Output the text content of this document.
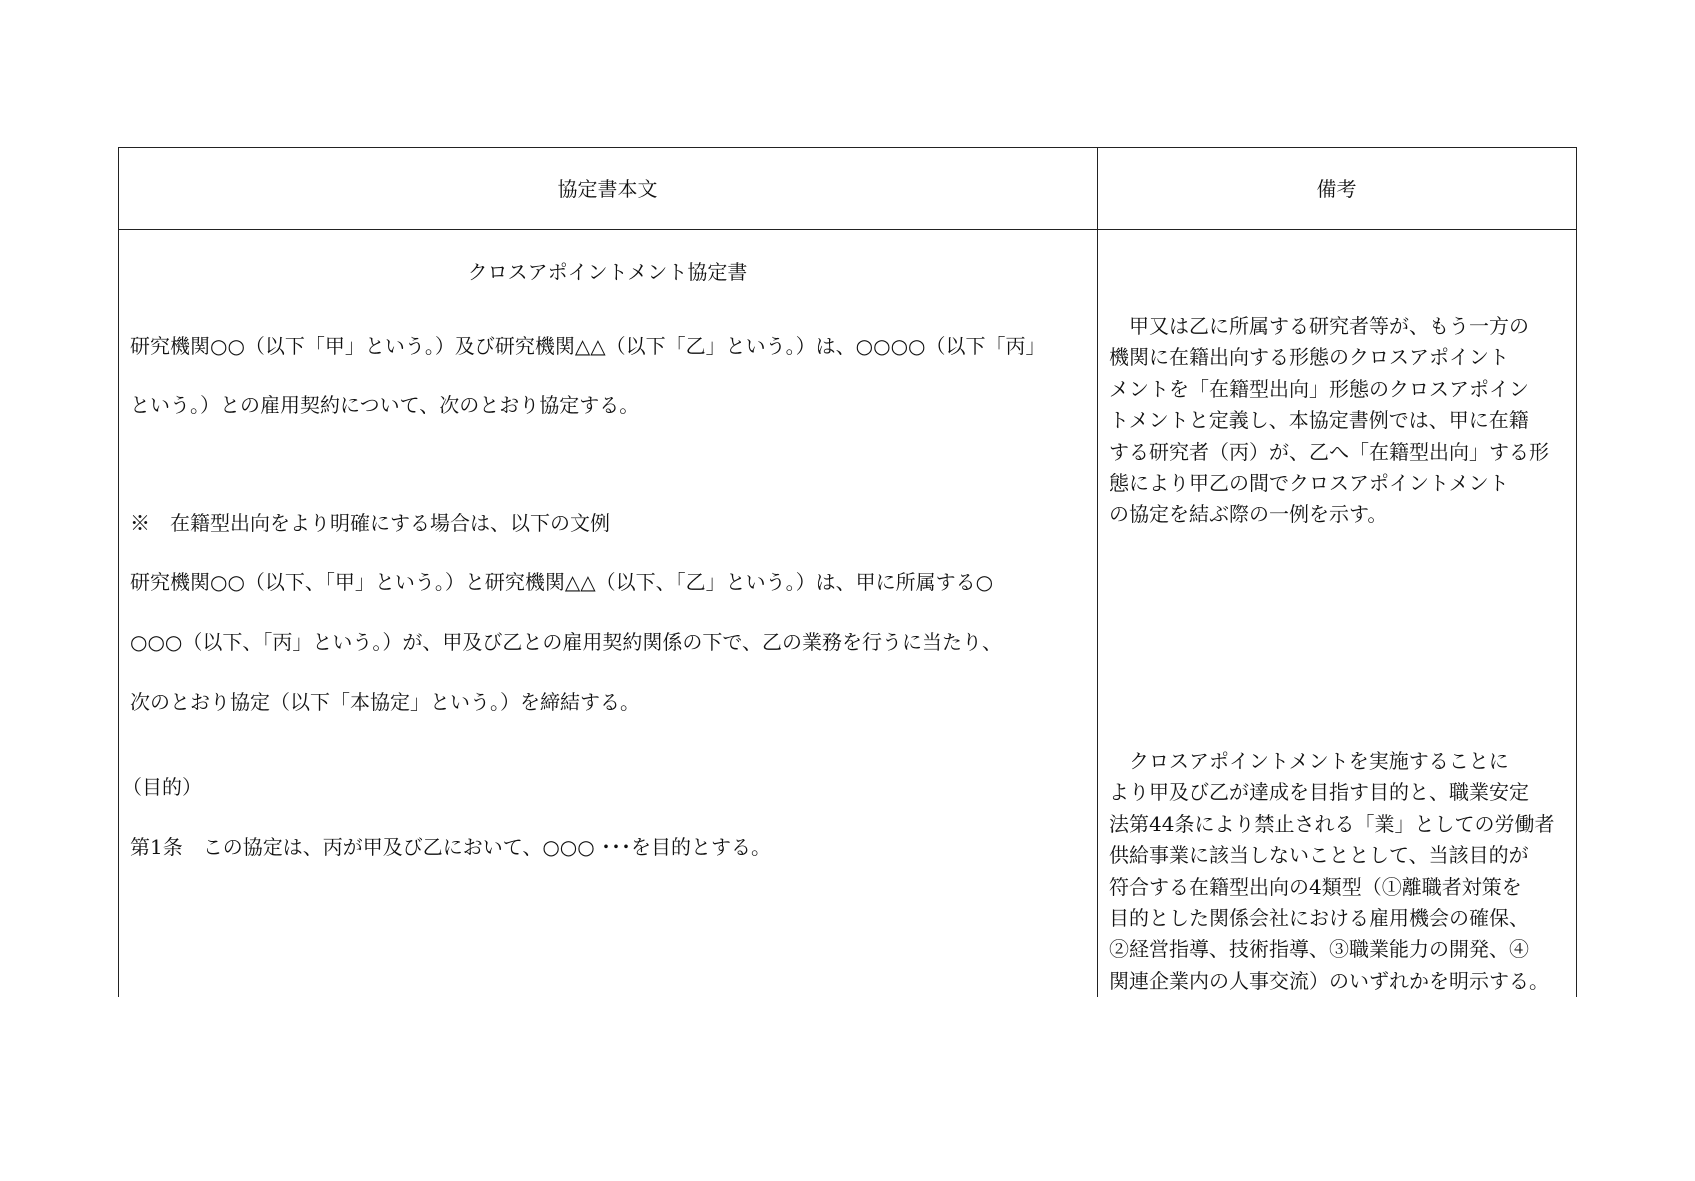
協定書本文	備考
クロスアポイントメント協定書
研究機関○○（以下「甲」という。）及び研究機関△△（以下「乙」という。）は、○○○○（以下「丙」
という。）との雇用契約について、次のとおり協定する。
※　在籍型出向をより明確にする場合は、以下の文例
研究機関○○（以下、「甲」という。）と研究機関△△（以下、「乙」という。）は、甲に所属する○
○○○（以下、「丙」という。）が、甲及び乙との雇用契約関係の下で、乙の業務を行うに当たり、
次のとおり協定（以下「本協定」という。）を締結する。
（目的）
第1条　この協定は、丙が甲及び乙において、○○○ ･･･を目的とする。

　甲又は乙に所属する研究者等が、もう一方の

機関に在籍出向する形態のクロスアポイント

メントを「在籍型出向」形態のクロスアポイン

トメントと定義し、本協定書例では、甲に在籍

する研究者（丙）が、乙へ「在籍型出向」する形

態により甲乙の間でクロスアポイントメント

の協定を結ぶ際の一例を示す。

　クロスアポイントメントを実施することに

より甲及び乙が達成を目指す目的と、職業安定

法第44条により禁止される「業」としての労働者

供給事業に該当しないこととして、当該目的が

符合する在籍型出向の4類型（①離職者対策を

目的とした関係会社における雇用機会の確保、

②経営指導、技術指導、③職業能力の開発、④

関連企業内の人事交流）のいずれかを明示する。
